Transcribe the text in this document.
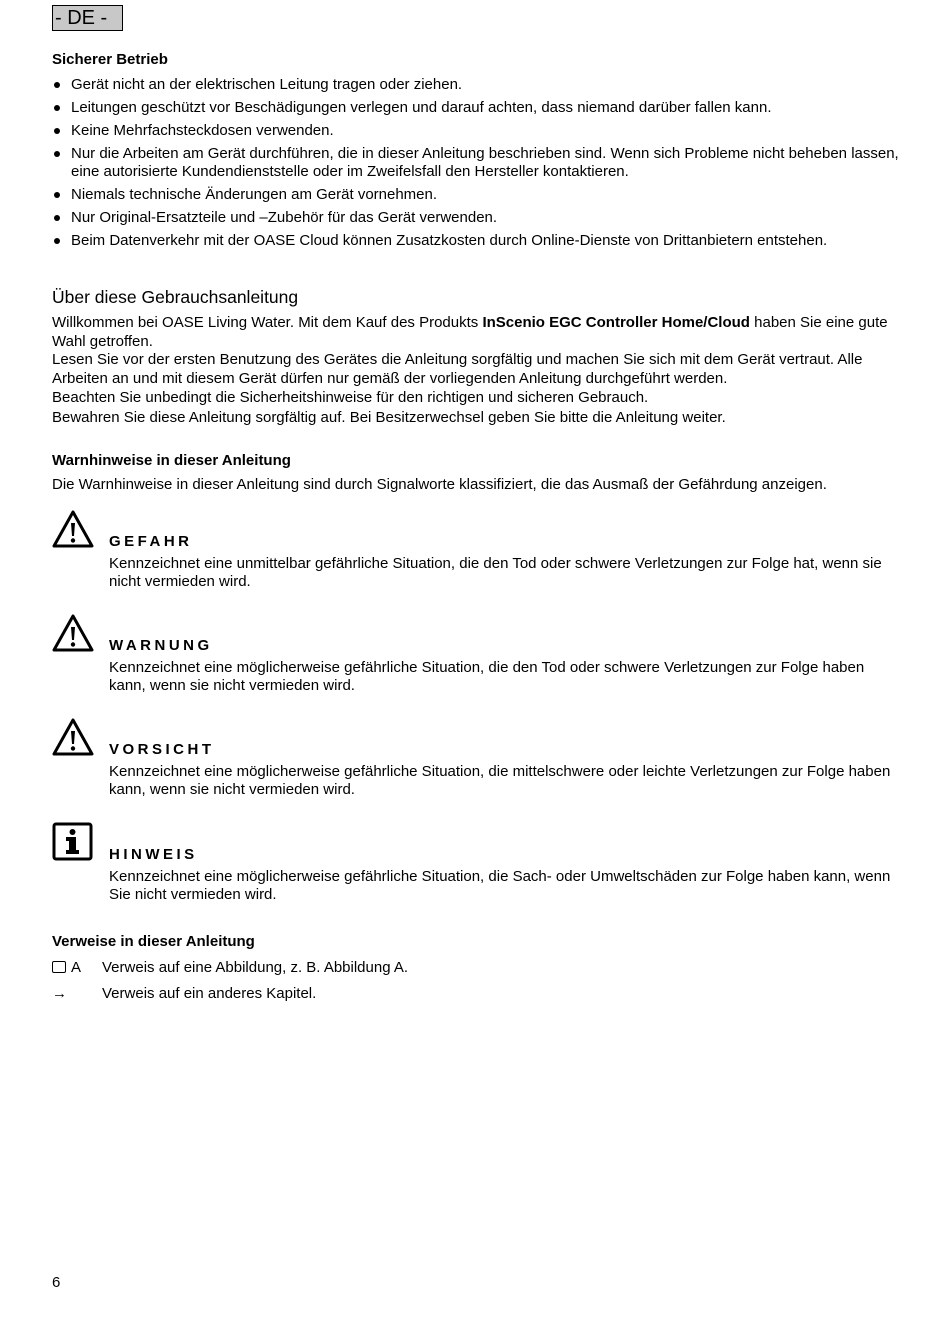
- DE -
Sicherer Betrieb
Gerät nicht an der elektrischen Leitung tragen oder ziehen.
Leitungen geschützt vor Beschädigungen verlegen und darauf achten, dass niemand darüber fallen kann.
Keine Mehrfachsteckdosen verwenden.
Nur die Arbeiten am Gerät durchführen, die in dieser Anleitung beschrieben sind. Wenn sich Probleme nicht beheben lassen, eine autorisierte Kundendienststelle oder im Zweifelsfall den Hersteller kontaktieren.
Niemals technische Änderungen am Gerät vornehmen.
Nur Original-Ersatzteile und –Zubehör für das Gerät verwenden.
Beim Datenverkehr mit der OASE Cloud können Zusatzkosten durch Online-Dienste von Drittanbietern entstehen.
Über diese Gebrauchsanleitung

Willkommen bei OASE Living Water. Mit dem Kauf des Produkts InScenio EGC Controller Home/Cloud haben Sie eine gute Wahl getroffen.

Lesen Sie vor der ersten Benutzung des Gerätes die Anleitung sorgfältig und machen Sie sich mit dem Gerät vertraut. Alle Arbeiten an und mit diesem Gerät dürfen nur gemäß der vorliegenden Anleitung durchgeführt werden.

Beachten Sie unbedingt die Sicherheitshinweise für den richtigen und sicheren Gebrauch.

Bewahren Sie diese Anleitung sorgfältig auf. Bei Besitzerwechsel geben Sie bitte die Anleitung weiter.

Warnhinweise in dieser Anleitung
Die Warnhinweise in dieser Anleitung sind durch Signalworte klassifiziert, die das Ausmaß der Gefährdung anzeigen.
GEFAHR
Kennzeichnet eine unmittelbar gefährliche Situation, die den Tod oder schwere Verletzungen zur Folge hat, wenn sie nicht vermieden wird.
WARNUNG
Kennzeichnet eine möglicherweise gefährliche Situation, die den Tod oder schwere Verletzungen zur Folge haben kann, wenn sie nicht vermieden wird.
VORSICHT
Kennzeichnet eine möglicherweise gefährliche Situation, die mittelschwere oder leichte Verletzungen zur Folge haben kann, wenn sie nicht vermieden wird.
HINWEIS
Kennzeichnet eine möglicherweise gefährliche Situation, die Sach- oder Umweltschäden zur Folge haben kann, wenn Sie nicht vermieden wird.
Verweise in dieser Anleitung
A	Verweis auf eine Abbildung, z. B. Abbildung A.
→	Verweis auf ein anderes Kapitel.
6
